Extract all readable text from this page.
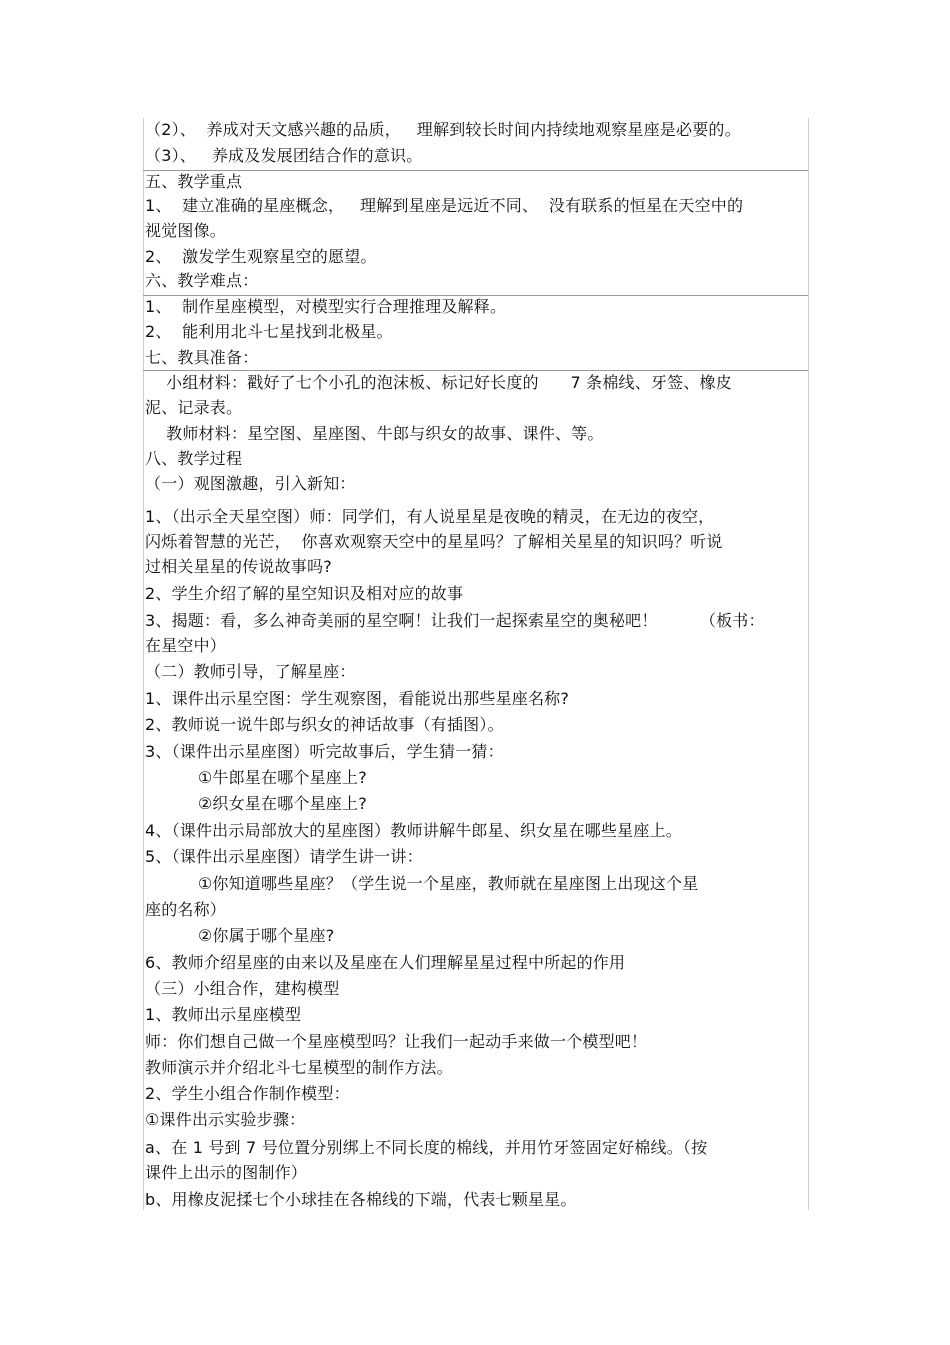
（2）、  养成对天文感兴趣的品质，   理解到较长时间内持续地观察星座是必要的。
（3）、   养成及发展团结合作的意识。
五、教学重点
1、  建立准确的星座概念，   理解到星座是远近不同、  没有联系的恒星在天空中的
视觉图像。
2、  激发学生观察星空的愿望。
六、教学难点：
1、  制作星座模型，对模型实行合理推理及解释。
2、  能利用北斗七星找到北极星。
七、教具准备：
小组材料：戳好了七个小孔的泡沫板、标记好长度的      7 条棉线、牙签、橡皮
泥、记录表。
教师材料：星空图、星座图、牛郎与织女的故事、课件、等。
八、教学过程
（一）观图激趣，引入新知：
1、（出示全天星空图）师：同学们，有人说星星是夜晚的精灵，在无边的夜空，
闪烁着智慧的光芒，  你喜欢观察天空中的星星吗？了解相关星星的知识吗？听说
过相关星星的传说故事吗?
2、学生介绍了解的星空知识及相对应的故事
3、揭题：看，多么神奇美丽的星空啊！让我们一起探索星空的奥秘吧！        （板书：
在星空中）
（二）教师引导，了解星座：
1、课件出示星空图：学生观察图，看能说出那些星座名称?
2、教师说一说牛郎与织女的神话故事（有插图）。
3、（课件出示星座图）听完故事后，学生猜一猜：
①牛郎星在哪个星座上?
②织女星在哪个星座上?
4、（课件出示局部放大的星座图）教师讲解牛郎星、织女星在哪些星座上。
5、（课件出示星座图）请学生讲一讲：
①你知道哪些星座？（学生说一个星座，教师就在星座图上出现这个星
座的名称）
②你属于哪个星座?
6、教师介绍星座的由来以及星座在人们理解星星过程中所起的作用
（三）小组合作，建构模型
1、教师出示星座模型
师：你们想自己做一个星座模型吗？让我们一起动手来做一个模型吧！
教师演示并介绍北斗七星模型的制作方法。
2、学生小组合作制作模型：
①课件出示实验步骤：
a、在 1 号到 7 号位置分别绑上不同长度的棉线，并用竹牙签固定好棉线。（按
课件上出示的图制作）
b、用橡皮泥揉七个小球挂在各棉线的下端，代表七颗星星。
